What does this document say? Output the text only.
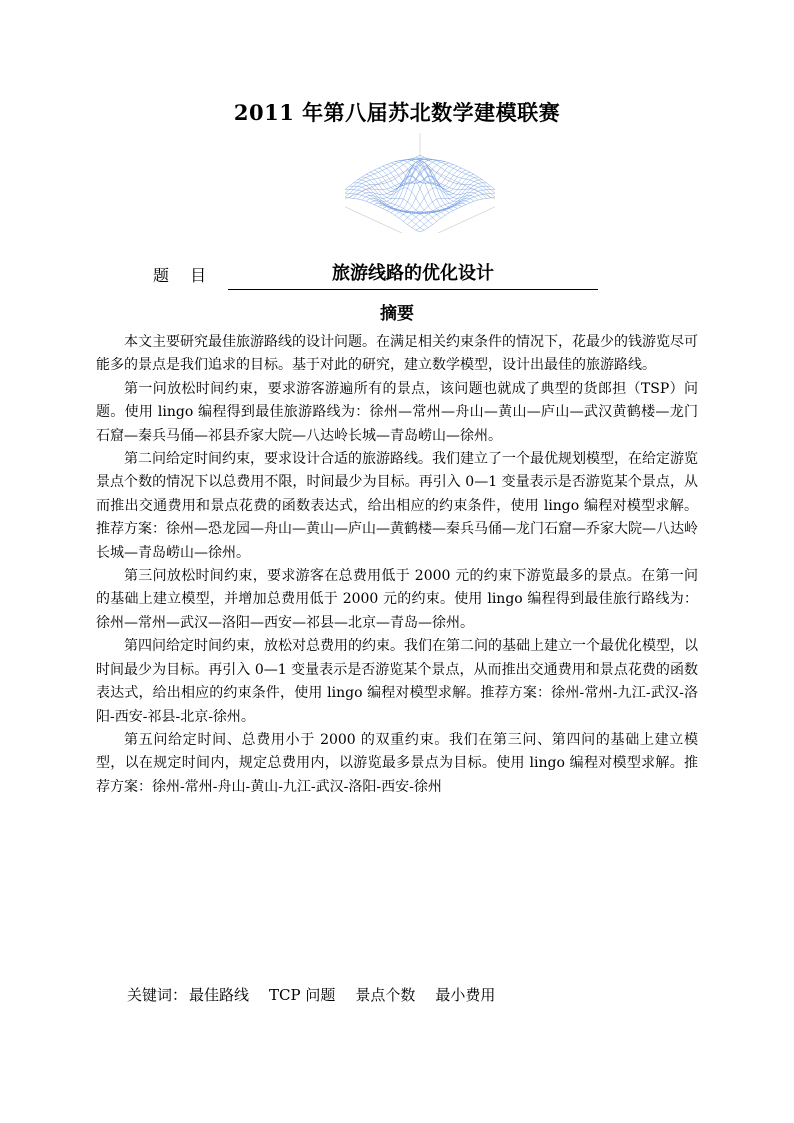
2011 年第八届苏北数学建模联赛
题 目	旅游线路的优化设计
摘要

本文主要研究最佳旅游路线的设计问题。在满足相关约束条件的情况下，花最少的钱游览尽可能多的景点是我们追求的目标。基于对此的研究，建立数学模型，设计出最佳的旅游路线。

第一问放松时间约束，要求游客游遍所有的景点，该问题也就成了典型的货郎担（TSP）问题。使用 lingo 编程得到最佳旅游路线为：徐州—常州—舟山—黄山—庐山—武汉黄鹤楼—龙门石窟—秦兵马俑—祁县乔家大院—八达岭长城—青岛崂山—徐州。

第二问给定时间约束，要求设计合适的旅游路线。我们建立了一个最优规划模型，在给定游览景点个数的情况下以总费用不限，时间最少为目标。再引入 0—1 变量表示是否游览某个景点，从而推出交通费用和景点花费的函数表达式，给出相应的约束条件，使用 lingo 编程对模型求解。推荐方案：徐州—恐龙园—舟山—黄山—庐山—黄鹤楼—秦兵马俑—龙门石窟—乔家大院—八达岭长城—青岛崂山—徐州。

第三问放松时间约束，要求游客在总费用低于 2000 元的约束下游览最多的景点。在第一问的基础上建立模型，并增加总费用低于 2000 元的约束。使用 lingo 编程得到最佳旅行路线为：徐州—常州—武汉—洛阳—西安—祁县—北京—青岛—徐州。

第四问给定时间约束，放松对总费用的约束。我们在第二问的基础上建立一个最优化模型，以时间最少为目标。再引入 0—1 变量表示是否游览某个景点，从而推出交通费用和景点花费的函数表达式，给出相应的约束条件，使用 lingo 编程对模型求解。推荐方案：徐州-常州-九江-武汉-洛阳-西安-祁县-北京-徐州。

第五问给定时间、总费用小于 2000 的双重约束。我们在第三问、第四问的基础上建立模型，以在规定时间内，规定总费用内，以游览最多景点为目标。使用 lingo 编程对模型求解。推荐方案：徐州-常州-舟山-黄山-九江-武汉-洛阳-西安-徐州

关键词： 最佳路线 TCP 问题 景点个数 最小费用
